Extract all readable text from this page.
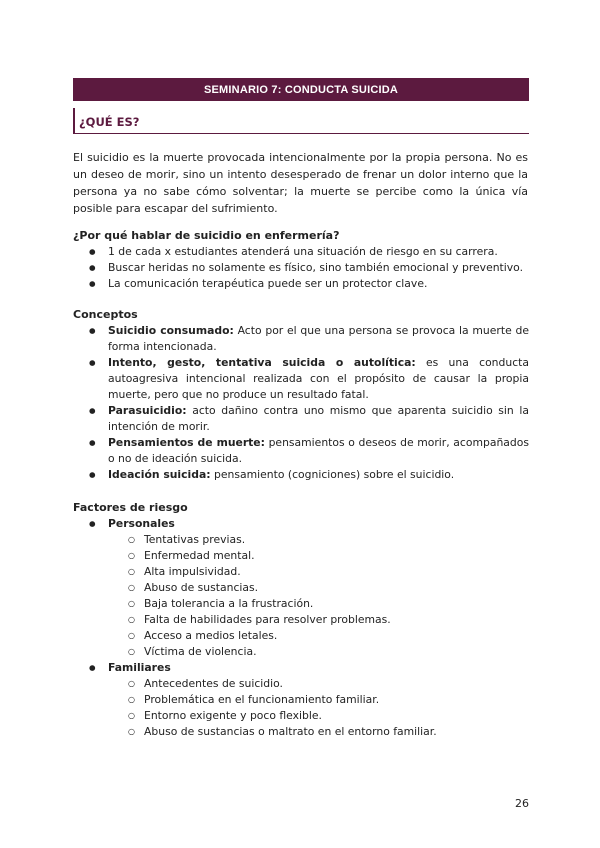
SEMINARIO 7: CONDUCTA SUICIDA
¿QUÉ ES?

El suicidio es la muerte provocada intencionalmente por la propia persona. No es un deseo de morir, sino un intento desesperado de frenar un dolor interno que la persona ya no sabe cómo solventar; la muerte se percibe como la única vía posible para escapar del sufrimiento.

¿Por qué hablar de suicidio en enfermería?

● 1 de cada x estudiantes atenderá una situación de riesgo en su carrera.
● Buscar heridas no solamente es físico, sino también emocional y preventivo.
● La comunicación terapéutica puede ser un protector clave.

Conceptos

● Suicidio consumado: Acto por el que una persona se provoca la muerte de forma intencionada.
● Intento, gesto, tentativa suicida o autolítica: es una conducta autoagresiva intencional realizada con el propósito de causar la propia muerte, pero que no produce un resultado fatal.
● Parasuicidio: acto dañino contra uno mismo que aparenta suicidio sin la intención de morir.
● Pensamientos de muerte: pensamientos o deseos de morir, acompañados o no de ideación suicida.
● Ideación suicida: pensamiento (cogniciones) sobre el suicidio.

Factores de riesgo

● Personales
○ Tentativas previas.
○ Enfermedad mental.
○ Alta impulsividad.
○ Abuso de sustancias.
○ Baja tolerancia a la frustración.
○ Falta de habilidades para resolver problemas.
○ Acceso a medios letales.
○ Víctima de violencia.
● Familiares
○ Antecedentes de suicidio.
○ Problemática en el funcionamiento familiar.
○ Entorno exigente y poco flexible.
○ Abuso de sustancias o maltrato en el entorno familiar.
26
